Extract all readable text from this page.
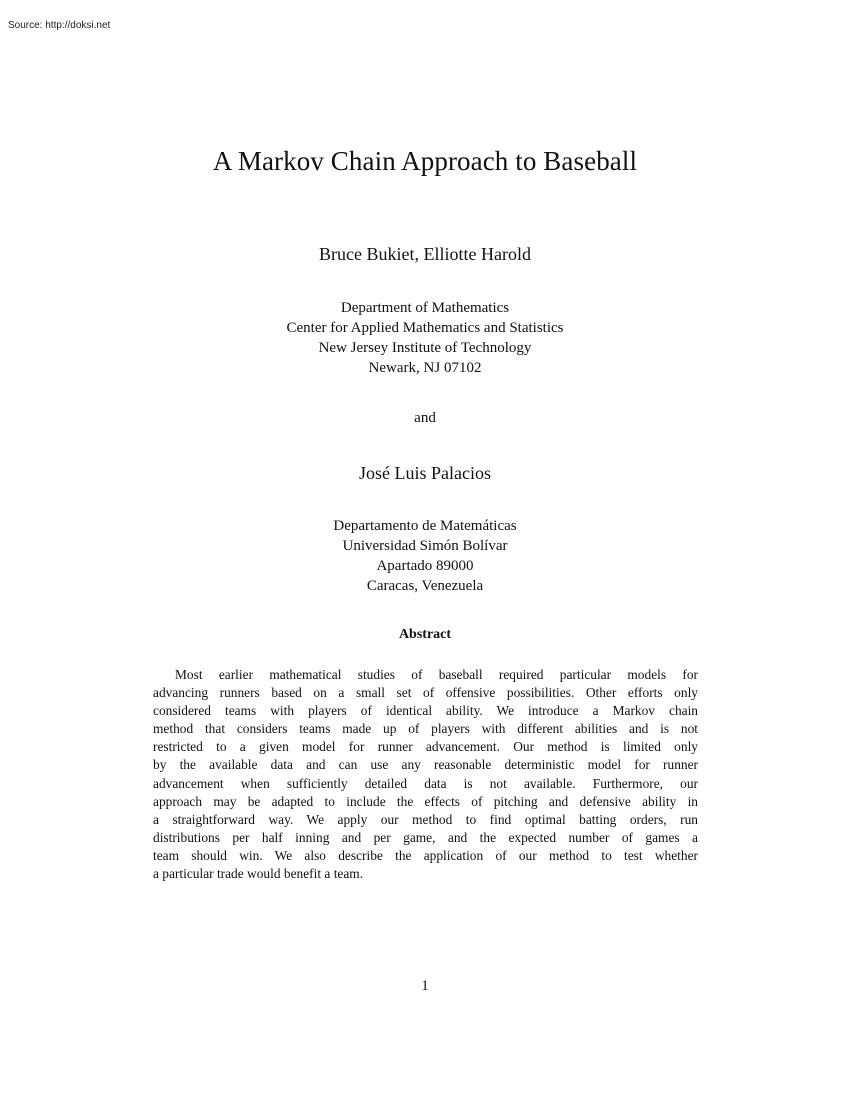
Source: http://doksi.net
A Markov Chain Approach to Baseball
Bruce Bukiet, Elliotte Harold
Department of Mathematics
Center for Applied Mathematics and Statistics
New Jersey Institute of Technology
Newark, NJ 07102
and
José Luis Palacios
Departamento de Matemáticas
Universidad Simón Bolívar
Apartado 89000
Caracas, Venezuela
Abstract
Most earlier mathematical studies of baseball required particular models for
advancing runners based on a small set of offensive possibilities. Other efforts only
considered teams with players of identical ability. We introduce a Markov chain
method that considers teams made up of players with different abilities and is not
restricted to a given model for runner advancement. Our method is limited only
by the available data and can use any reasonable deterministic model for runner
advancement when sufficiently detailed data is not available. Furthermore, our
approach may be adapted to include the effects of pitching and defensive ability in
a straightforward way. We apply our method to find optimal batting orders, run
distributions per half inning and per game, and the expected number of games a
team should win. We also describe the application of our method to test whether
a particular trade would benefit a team.
1
